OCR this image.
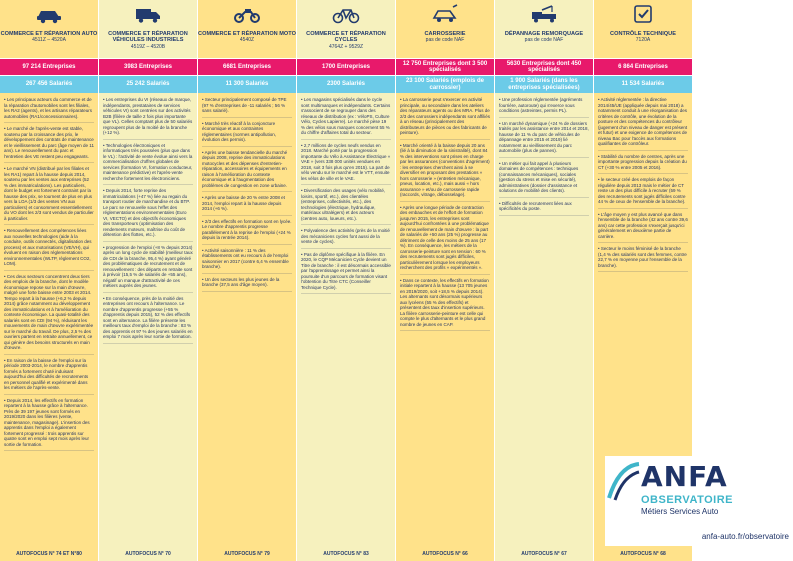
COMMERCE ET RÉPARATION AUTO
4511Z – 4520A
97 214 Entreprises
267 456 Salariés

• Les principaux acteurs du commerce et de la réparation d'automobiles sont les filiales, les RA2 (agents), et les artisans réparateurs automobiles (RA1/concessionnaires).

• Le marché de l'après-vente est stable, soutenu par la croissance des prix, le développement des contrats de maintenance et le vieillissement du parc (âge moyen de 11 ans). Le renouvellement du parc et l'entretien des VE restent peu engageants.

• Le marché VN (distribué par les filiales et les RA1) repart à la hausse depuis 2014, soutenu par les ventes aux entreprises (52 % des immatriculations). Les particuliers, dont le budget est fortement contraint par la hausse des prix, se tournent de plus en plus vers la LOA (1/3 des ventes VN aux particuliers) et consomment essentiellement du VO dont les 2/3 sont vendus de particulier à particulier.

• Renouvellement des compétences liées aux nouvelles technologies (aide à la conduite, outils connectés, digitalisation des process) et aux motorisations (VE/VH), qui évoluent en raison des réglementations environnementales (WLTP, règlement CO2, LOM).

• Ces deux secteurs concentrent deux tiers des emplois de la branche, dont le modèle économique repose sur la main d'œuvre, malgré une forte baisse entre 2003 et 2014. Tempo repart à la hausse (+6,2 % depuis 2014) grâce notamment au développement des immatriculations et à l'amélioration du contexte économique. La quasi-totalité des salariés sont en CDI (94 %), réduisant les mouvements de main d'œuvre expérimentée sur le marché du travail. De plus, 2,5 % des ouvriers partent en retraite annuellement, ce qui génère des besoins structurels en main d'œuvre.

• En raison de la baisse de l'emploi sur la période 2003-2014, le nombre d'apprentis formés a fortement chuté induisant aujourd'hui des difficultés de recrutements en personnel qualifié et expérimenté dans les métiers de l'après-vente.

• Depuis 2014, les effectifs en formation repartent à la hausse grâce à l'alternance. Près de 39 197 jeunes sont formés en 2019/2020 dans les filières (vente, maintenance, magasinage). L'insertion des apprentis dans l'emploi a également fortement progressé : trois apprentis sur quatre sont en emploi sept mois après leur sortie de formation.

AUTOFOCUS N° 74 ET N°80
COMMERCE ET RÉPARATION VÉHICULES INDUSTRIELS
4519Z – 4520B
3983 Entreprises
25 242 Salariés

• Les entreprises du VI (réseaux de marque, indépendants, prestataires de services véhicules VI) sont centrées sur des activités B2B (filière de taille 2 fois plus importante que VL). Celles comptant plus de 50 salariés regroupent plus de la moitié de la branche (+12 %).

• Technologies électroniques et informatiques très poussées (plus que dans le VL) : l'activité de vente évolue ainsi vers la commercialisation d'offres globales de services (formation VI, formation conducteur, maintenance prédictive) et l'après-vente recherche fortement les électroniciens.

• Depuis 2014, forte reprise des immatriculations (+47 %) liée au regain du transport routier de marchandise et du BTP. Le parc se renouvelle sous l'effet des réglementations environnementales (Euro VI, VECTO) et des objectifs économiques des transporteurs (optimisation des rendements moteurs, maîtrise du coût de détention des flottes, etc.).

• progression de l'emploi (+8 % depuis 2014) après un long cycle de stabilité (meilleur taux de CDI de la branche, 95,4 %) ayant généré des problématiques de recrutement et de renouvellement : des départs en retraite sont à prévoir (15,5 % de salariés de +55 ans), négatif un manque d'attractivité de ces métiers auprès des jeunes.

• En conséquence, près de la moitié des entreprises ont recours à l'alternance. Le nombre d'apprentis progresse (+55 % d'apprentis depuis 2015), 52 % des effectifs sont en alternance. La filière présente les meilleurs taux d'emploi de la branche : 83 % des apprentis et 97 % des jeunes salariés en emploi 7 mois après leur sortie de formation.

AUTOFOCUS N° 70
COMMERCE ET RÉPARATION MOTO
4540Z
6681 Entreprises
11 300 Salariés

• Secteur principalement composé de TPE (97 % d'entreprises de -11 salariés ; 56 % sans salarié).

• Marché très réactif à la conjoncture économique et aux contraintes réglementaires (normes antipollution, évolution des permis).

• Après une baisse tendancielle du marché depuis 2008, reprise des immatriculations motocycles et des dépenses d'entretien-réparation, accessoires et équipements en raison à l'amélioration du contexte économique et à l'augmentation des problèmes de congestion en zone urbaine.

• Après une baisse de 20 % entre 2008 et 2014, l'emploi repart à la hausse depuis 2014 (+6 %).

• 2/3 des effectifs en formation sont en lycée. Le nombre d'apprentis progresse parallèlement à la reprise de l'emploi (+24 % depuis la rentrée 2014).

• Activité saisonnière : 11 % des établissements ont eu recours à de l'emploi saisonnier en 2017 (contre 6,4 % ensemble branche).

• Un des secteurs les plus jeunes de la branche (37,5 ans d'âge moyen).

AUTOFOCUS N° 79
COMMERCE ET RÉPARATION CYCLES
4764Z + 9529Z
1700 Entreprises
2300 Salariés

• Les magasins spécialisés dans le cycle sont multimarques et indépendants. Certains s'associent de se regrouper dans des réseaux de distribution (ex : VéloPS, Culture Vélo, Cycles Lapierre). Le marché pèse 19 % des vélos sous marques concernent 55 % du chiffre d'affaires total du secteur.

• 2,7 millions de cycles neufs vendus en 2018. Marché porté par la progression importante du Vélo à Assistance Électrique « VAE » (vers 338 000 unités vendues en 2018, soit 3 fois plus qu'en 2015). La part de vélo vendu sur le marché est le VTT, ensuite les vélos de ville et le VAE.

• Diversification des usages (vélo mobilité, loisirs, sportif, etc.), des clientèles (entreprises, collectivités, etc.), des technologies (électrique, hydraulique, matériaux ultralégers) et des acteurs (centres auto, loueurs, etc.).

• Polyvalence des activités (près de la moitié des mécaniciens cycles font aussi de la vente de cycles).

• Pas de diplôme spécifique à la filière. En 2020, le CQP Mécanicien Cycle devient un Titre de branche : il est désormais accessible par l'apprentissage et permet ainsi la poursuite d'un parcours de formation visant l'obtention du Titre CTC (Conseiller Technique Cycle).

AUTOFOCUS N° 83
CARROSSERIE
pas de code NAF
12 750 Entreprises dont 3 500 spécialisés
23 100 Salariés (emplois de carrossier)

• La carrosserie peut s'exercer en activité principale, ou secondaire dans les ateliers des réparateurs agents ou des MRA. Plus de 2/3 des carrossiers indépendants sont affiliés à un réseau (principalement des distributeurs de pièces ou des fabricants de peinture).

• Marché orienté à la baisse depuis 20 ans (lié à la diminution de la sinistralité), dont 84 % des interventions sont prises en charge par les assurances (conventions d'agrément) : les entreprises cherchent ainsi à se diversifier en proposant des prestations « hors carrosserie » (entretien mécanique, pneus, location, etc.), mais aussi « hors assurance » et/ou de carrosserie rapide (raccords, vitrage, débosselage).

• Après une longue période de contraction des embauches et de l'effort de formation jusqu'en 2015, les entreprises sont aujourd'hui confrontées à une problématique de renouvellement de main d'œuvre : la part de salariés de +50 ans (25 %) progresse au détriment de celle des moins de 25 ans (17 %). En conséquence, les métiers de la carrosserie-peinture sont en tension : 60 % des recrutements sont jugés difficiles, particulièrement lorsque les employeurs recherchent des profils « expérimentés ».

• Dans ce contexte, les effectifs en formation initiale repartent à la hausse (13 705 jeunes en 2019/2020, soit +18,5 % depuis 2014). Les alternants sont désormais supérieurs aux lycéens (55 % des effectifs) et présentent des taux d'insertion supérieurs. La filière carrosserie-peinture est celle qui compte le plus d'alternants et le plus grand nombre de jeunes en CAP.

AUTOFOCUS N° 66
DÉPANNAGE REMORQUAGE
pas de code NAF
5630 Entreprises dont 450 spécialisés
1 900 Salariés (dans les entreprises spécialisées)

• Une profession réglementée (agréments fourrière, autoroute) qui s'exerce sous conditions (astreintes, permis PL).

• Un marché dynamique (+24 % de dossiers traités par les assistance entre 2014 et 2018, hausse de 11 % du parc de véhicules de dépannage entre 2015 et 2019) lié notamment au vieillissement du parc automobile (plus de pannes).

• Un métier qui fait appel à plusieurs domaines de compétences : techniques (connaissances mécaniques), sociales (gestion du stress et mise en sécurité), administratives (dossier d'assistance et solutions de mobilité des clients).

• Difficultés de recrutement liées aux spécificités du poste.

AUTOFOCUS N° 67
CONTRÔLE TECHNIQUE
7120A
6 864 Entreprises
11 534 Salariés

• Activité réglementée : la directive 2014/45/UE (appliquée depuis mai 2018) a notamment conduit à une réorganisation des critères de contrôle, une évolution de la posture et des compétences du contrôleur (jugement d'un niveau de danger est présent et futur) et une exigence de compétences de niveau Bac pour l'accès aux formations qualifiantes de contrôleur.

• Stabilité du nombre de centres, après une importante progression depuis la création du CT (+30 % entre 2005 et 2016).

• le secteur créé des emplois de façon régulière depuis 2013 mais le métier de CT reste un des plus difficile à recruter (59 % des recrutements sont jugés difficiles contre 44 % de ceux de l'ensemble de la branche).

• L'âge moyen y est plus avancé que dans l'ensemble de la branche (42 ans contre 39,6 ans) car cette profession s'exerçait jusqu'ici généralement en deuxième partie de carrière.

• Secteur le moins féminisé de la branche (1,4 % des salariés sont des femmes, contre 22,7 % en moyenne pour l'ensemble de la branche).

AUTOFOCUS N° 68
ANFA
OBSERVATOIRE
Métiers Services Auto
anfa-auto.fr/observatoire
